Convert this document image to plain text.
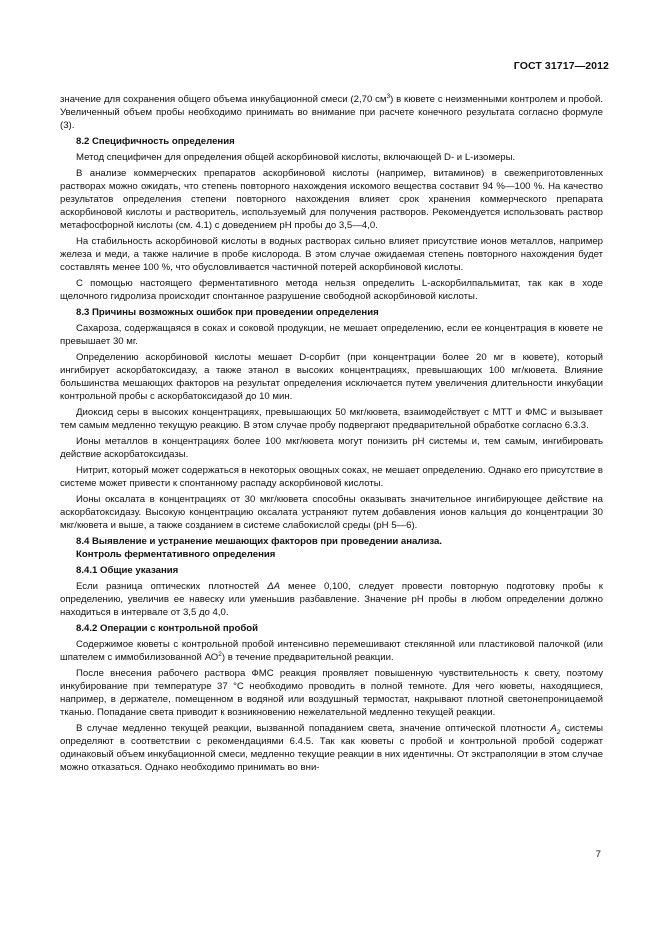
ГОСТ 31717—2012

значение для сохранения общего объема инкубационной смеси (2,70 $см^3$) в кювете с неизменными контролем и пробой. Увеличенный объем пробы необходимо принимать во внимание при расчете конечного результата согласно формуле (3).

8.2 Специфичность определения

Метод специфичен для определения общей аскорбиновой кислоты, включающей D- и L-изомеры.

В анализе коммерческих препаратов аскорбиновой кислоты (например, витаминов) в свежеприготовленных растворах можно ожидать, что степень повторного нахождения искомого вещества составит 94 %—100 %. На качество результатов определения степени повторного нахождения влияет срок хранения коммерческого препарата аскорбиновой кислоты и растворитель, используемый для получения растворов. Рекомендуется использовать раствор метафосфорной кислоты (см. 4.1) с доведением pH пробы до 3,5—4,0.

На стабильность аскорбиновой кислоты в водных растворах сильно влияет присутствие ионов металлов, например железа и меди, а также наличие в пробе кислорода. В этом случае ожидаемая степень повторного нахождения будет составлять менее 100 %, что обусловливается частичной потерей аскорбиновой кислоты.

С помощью настоящего ферментативного метода нельзя определить L-аскорбилпальмитат, так как в ходе щелочного гидролиза происходит спонтанное разрушение свободной аскорбиновой кислоты.

8.3 Причины возможных ошибок при проведении определения

Сахароза, содержащаяся в соках и соковой продукции, не мешает определению, если ее концентрация в кювете не превышает 30 мг.

Определению аскорбиновой кислоты мешает D-сорбит (при концентрации более 20 мг в кювете), который ингибирует аскорбатоксидазу, а также этанол в высоких концентрациях, превышающих 100 мг/кювета. Влияние большинства мешающих факторов на результат определения исключается путем увеличения длительности инкубации контрольной пробы с аскорбатоксидазой до 10 мин.

Диоксид серы в высоких концентрациях, превышающих 50 мкг/кювета, взаимодействует с МТТ и ФМС и вызывает тем самым медленно текущую реакцию. В этом случае пробу подвергают предварительной обработке согласно 6.3.3.

Ионы металлов в концентрациях более 100 мкг/кювета могут понизить pH системы и, тем самым, ингибировать действие аскорбатоксидазы.

Нитрит, который может содержаться в некоторых овощных соках, не мешает определению. Однако его присутствие в системе может привести к спонтанному распаду аскорбиновой кислоты.

Ионы оксалата в концентрациях от 30 мкг/кювета способны оказывать значительное ингибирующее действие на аскорбатоксидазу. Высокую концентрацию оксалата устраняют путем добавления ионов кальция до концентрации 30 мкг/кювета и выше, а также созданием в системе слабокислой среды (pH 5—6).

8.4 Выявление и устранение мешающих факторов при проведении анализа.
Контроль ферментативного определения
8.4.1 Общие указания

Если разница оптических плотностей ΔA менее 0,100, следует провести повторную подготовку пробы к определению, увеличив ее навеску или уменьшив разбавление. Значение pH пробы в любом определении должно находиться в интервале от 3,5 до 4,0.

8.4.2 Операции с контрольной пробой

Содержимое кюветы с контрольной пробой интенсивно перемешивают стеклянной или пластиковой палочкой (или шпателем с иммобилизованной $АО^2$) в течение предварительной реакции.

После внесения рабочего раствора ФМС реакция проявляет повышенную чувствительность к свету, поэтому инкубирование при температуре 37 °С необходимо проводить в полной темноте. Для чего кюветы, находящиеся, например, в держателе, помещенном в водяной или воздушный термостат, накрывают плотной светонепроницаемой тканью. Попадание света приводит к возникновению нежелательной медленно текущей реакции.

В случае медленно текущей реакции, вызванной попаданием света, значение оптической плотности $A_2$ системы определяют в соответствии с рекомендациями 6.4.5. Так как кюветы с пробой и контрольной пробой содержат одинаковый объем инкубационной смеси, медленно текущие реакции в них идентичны. От экстраполяции в этом случае можно отказаться. Однако необходимо принимать во вни-

7
